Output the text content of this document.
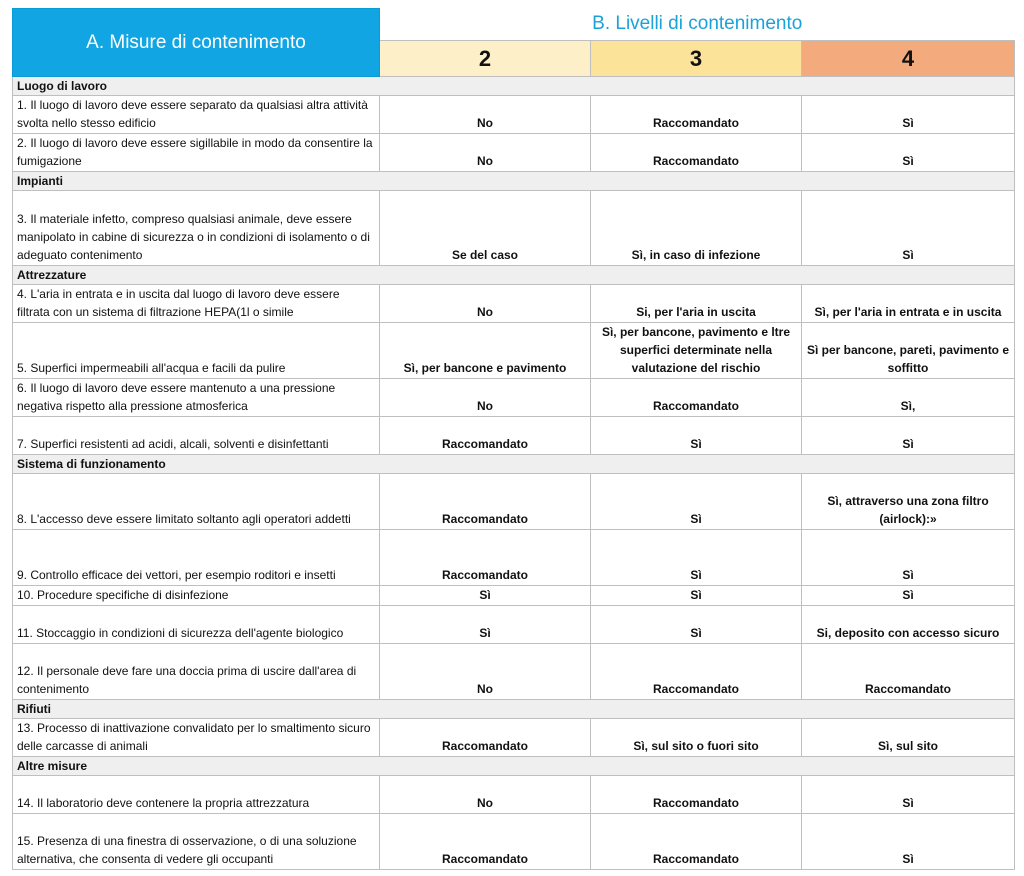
A. Misure di contenimento	B. Livelli di contenimento		
	2	3	4
Luogo di lavoro			
1. Il luogo di lavoro deve essere separato da qualsiasi altra attività svolta nello stesso edificio	No	Raccomandato	Sì
2. Il luogo di lavoro deve essere sigillabile in modo da consentire la fumigazione	No	Raccomandato	Sì
Impianti			
3. Il materiale infetto, compreso qualsiasi animale, deve essere manipolato in cabine di sicurezza o in condizioni di isolamento o di adeguato contenimento	Se del caso	Sì, in caso di infezione	Sì
Attrezzature			
4. L'aria in entrata e in uscita dal luogo di lavoro deve essere filtrata con un sistema di filtrazione HEPA(1l o simile	No	Si, per l'aria in uscita	Sì, per l'aria in entrata e in uscita
5. Superfici impermeabili all'acqua e facili da pulire	Sì, per bancone e pavimento	Sì, per bancone, pavimento e ltre superfici determinate nella valutazione del rischio	Sì per bancone, pareti, pavimento e soffitto
6. Il luogo di lavoro deve essere mantenuto a una pressione negativa rispetto alla pressione atmosferica	No	Raccomandato	Sì,
7. Superfici resistenti ad acidi, alcali, solventi e disinfettanti	Raccomandato	Sì	Sì
Sistema di funzionamento			
8. L'accesso deve essere limitato soltanto agli operatori addetti	Raccomandato	Sì	Sì, attraverso una zona filtro (airlock):»
9. Controllo efficace dei vettori, per esempio roditori e insetti	Raccomandato	Sì	Sì
10. Procedure specifiche di disinfezione	Sì	Sì	Sì
11. Stoccaggio in condizioni di sicurezza dell'agente biologico	Sì	Sì	Si, deposito con accesso sicuro
12. Il personale deve fare una doccia prima di uscire dall'area di contenimento	No	Raccomandato	Raccomandato
Rifiuti			
13. Processo di inattivazione convalidato per lo smaltimento sicuro delle carcasse di animali	Raccomandato	Sì, sul sito o fuori sito	Sì, sul sito
Altre misure			
14. Il laboratorio deve contenere la propria attrezzatura	No	Raccomandato	Sì
15. Presenza di una finestra di osservazione, o di una soluzione alternativa, che consenta di vedere gli occupanti	Raccomandato	Raccomandato	Sì
